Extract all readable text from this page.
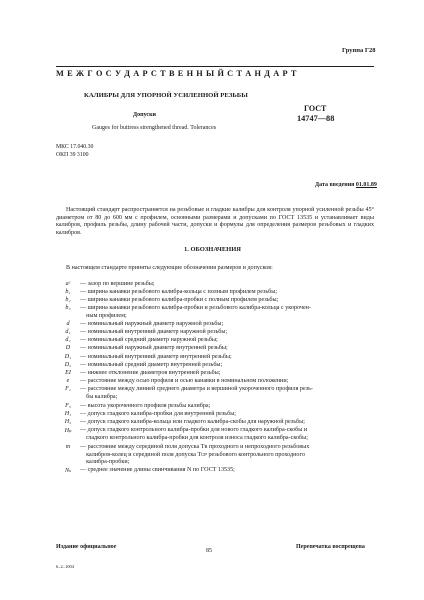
Группа Г28
М Е Ж Г О С У Д А Р С Т В Е Н Н Ы Й С Т А Н Д А Р Т
КАЛИБРЫ ДЛЯ УПОРНОЙ УСИЛЕННОЙ РЕЗЬБЫ
ГОСТ
14747—88
Допуски
Gauges for buttress strengthened thread. Tolerances
МКС 17.040.30
ОКП 39 3100
Дата введения 01.01.89
Настоящий стандарт распространяется на резьбовые и гладкие калибры для контроля упорной усиленной резьбы 45° диаметром от 80 до 600 мм с профилем, основными размерами и допусками по ГОСТ 13535 и устанавливает виды калибров, профиль резьбы, длину рабочей части, допуски и формулы для определения размеров резьбовых и гладких калибров.
1. ОБОЗНАЧЕНИЯ
В настоящем стандарте приняты следующие обозначения размеров и допусков:
aᶜ	— зазор по вершине резьбы;
b₁	— ширина канавки резьбового калибра-кольца с полным профилем резьбы;
b₂	— ширина канавки резьбового калибра-пробки с полным профилем резьбы;
b₃	— ширина канавки резьбового калибра-пробки и резьбового калибра-кольца с укорочен-
ным профилем;
d	— номинальный наружный диаметр наружной резьбы;
d₁	— номинальный внутренний диаметр наружной резьбы;
d₂	— номинальный средний диаметр наружной резьбы;
D	— номинальный наружный диаметр внутренней резьбы;
D₁	— номинальный внутренний диаметр внутренней резьбы;
D₂	— номинальный средний диаметр внутренней резьбы;
EI	— нижнее отклонение диаметров внутренней резьбы;
e	— расстояние между осью профиля и осью канавки в номинальном положении;
F₁	— расстояние между линией среднего диаметра и вершиной укороченного профиля резь-
бы калибра;
F₃	— высота укороченного профиля резьбы калибра;
H₁	— допуск гладкого калибра-пробки для внутренней резьбы;
H₂	— допуск гладкого калибра-кольца или гладкого калибра-скобы для наружной резьбы;
Hₚ	— допуск гладкого контрольного калибра-пробки для нового гладкого калибра-скобы и
гладкого контрольного калибра-пробки для контроля износа гладкого калибра-скобы;
m	— расстояние между серединой поля допуска Tʀ проходного и непроходного резьбовых
калибров-колец и серединой поля допуска Tᴄᴘ резьбового контрольного проходного
калибра-пробки;
Nₛ	— среднее значение длины свинчивания N по ГОСТ 13535;
Издание официальное	Перепечатка воспрещена
85
6–2–1004
